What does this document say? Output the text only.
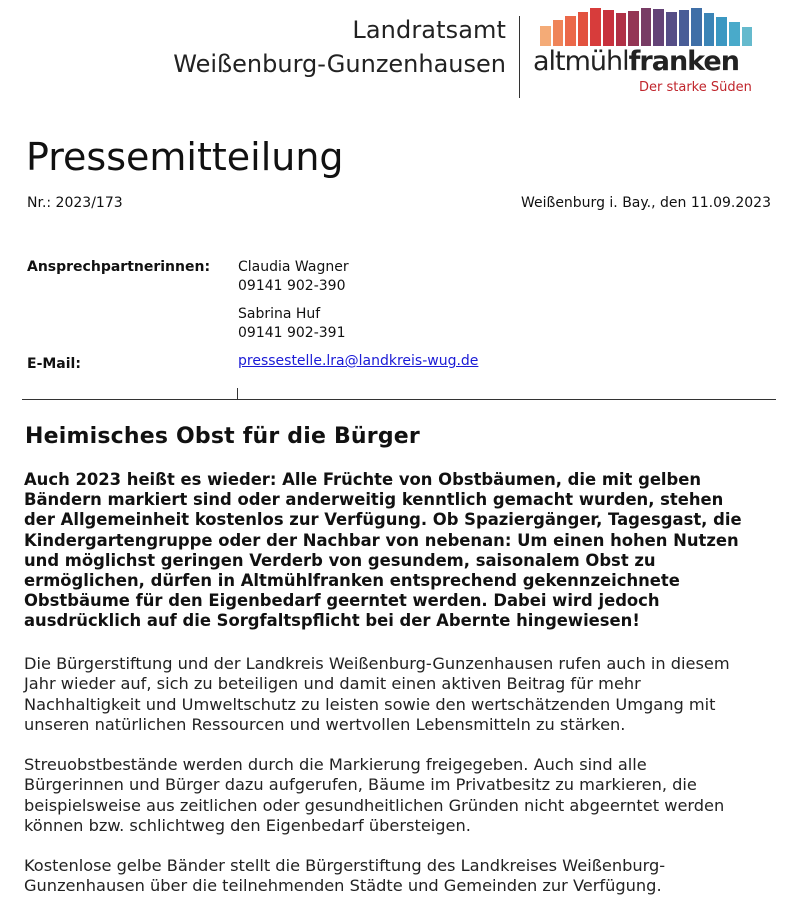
Landratsamt
Weißenburg-Gunzenhausen altmühlfranken
Der starke Süden
Pressemitteilung
Nr.: 2023/173	Weißenburg i. Bay., den 11.09.2023
Ansprechpartnerinnen: Claudia Wagner
09141 902-390
Sabrina Huf
09141 902-391
E-Mail:	pressestelle.lra@landkreis-wug.de
Heimisches Obst für die Bürger
Auch 2023 heißt es wieder: Alle Früchte von Obstbäumen, die mit gelben
Bändern markiert sind oder anderweitig kenntlich gemacht wurden, stehen
der Allgemeinheit kostenlos zur Verfügung. Ob Spaziergänger, Tagesgast, die
Kindergartengruppe oder der Nachbar von nebenan: Um einen hohen Nutzen
und möglichst geringen Verderb von gesundem, saisonalem Obst zu
ermöglichen, dürfen in Altmühlfranken entsprechend gekennzeichnete
Obstbäume für den Eigenbedarf geerntet werden. Dabei wird jedoch
ausdrücklich auf die Sorgfaltspflicht bei der Abernte hingewiesen!
Die Bürgerstiftung und der Landkreis Weißenburg-Gunzenhausen rufen auch in diesem
Jahr wieder auf, sich zu beteiligen und damit einen aktiven Beitrag für mehr
Nachhaltigkeit und Umweltschutz zu leisten sowie den wertschätzenden Umgang mit
unseren natürlichen Ressourcen und wertvollen Lebensmitteln zu stärken.
Streuobstbestände werden durch die Markierung freigegeben. Auch sind alle
Bürgerinnen und Bürger dazu aufgerufen, Bäume im Privatbesitz zu markieren, die
beispielsweise aus zeitlichen oder gesundheitlichen Gründen nicht abgeerntet werden
können bzw. schlichtweg den Eigenbedarf übersteigen.
Kostenlose gelbe Bänder stellt die Bürgerstiftung des Landkreises Weißenburg-
Gunzenhausen über die teilnehmenden Städte und Gemeinden zur Verfügung.
